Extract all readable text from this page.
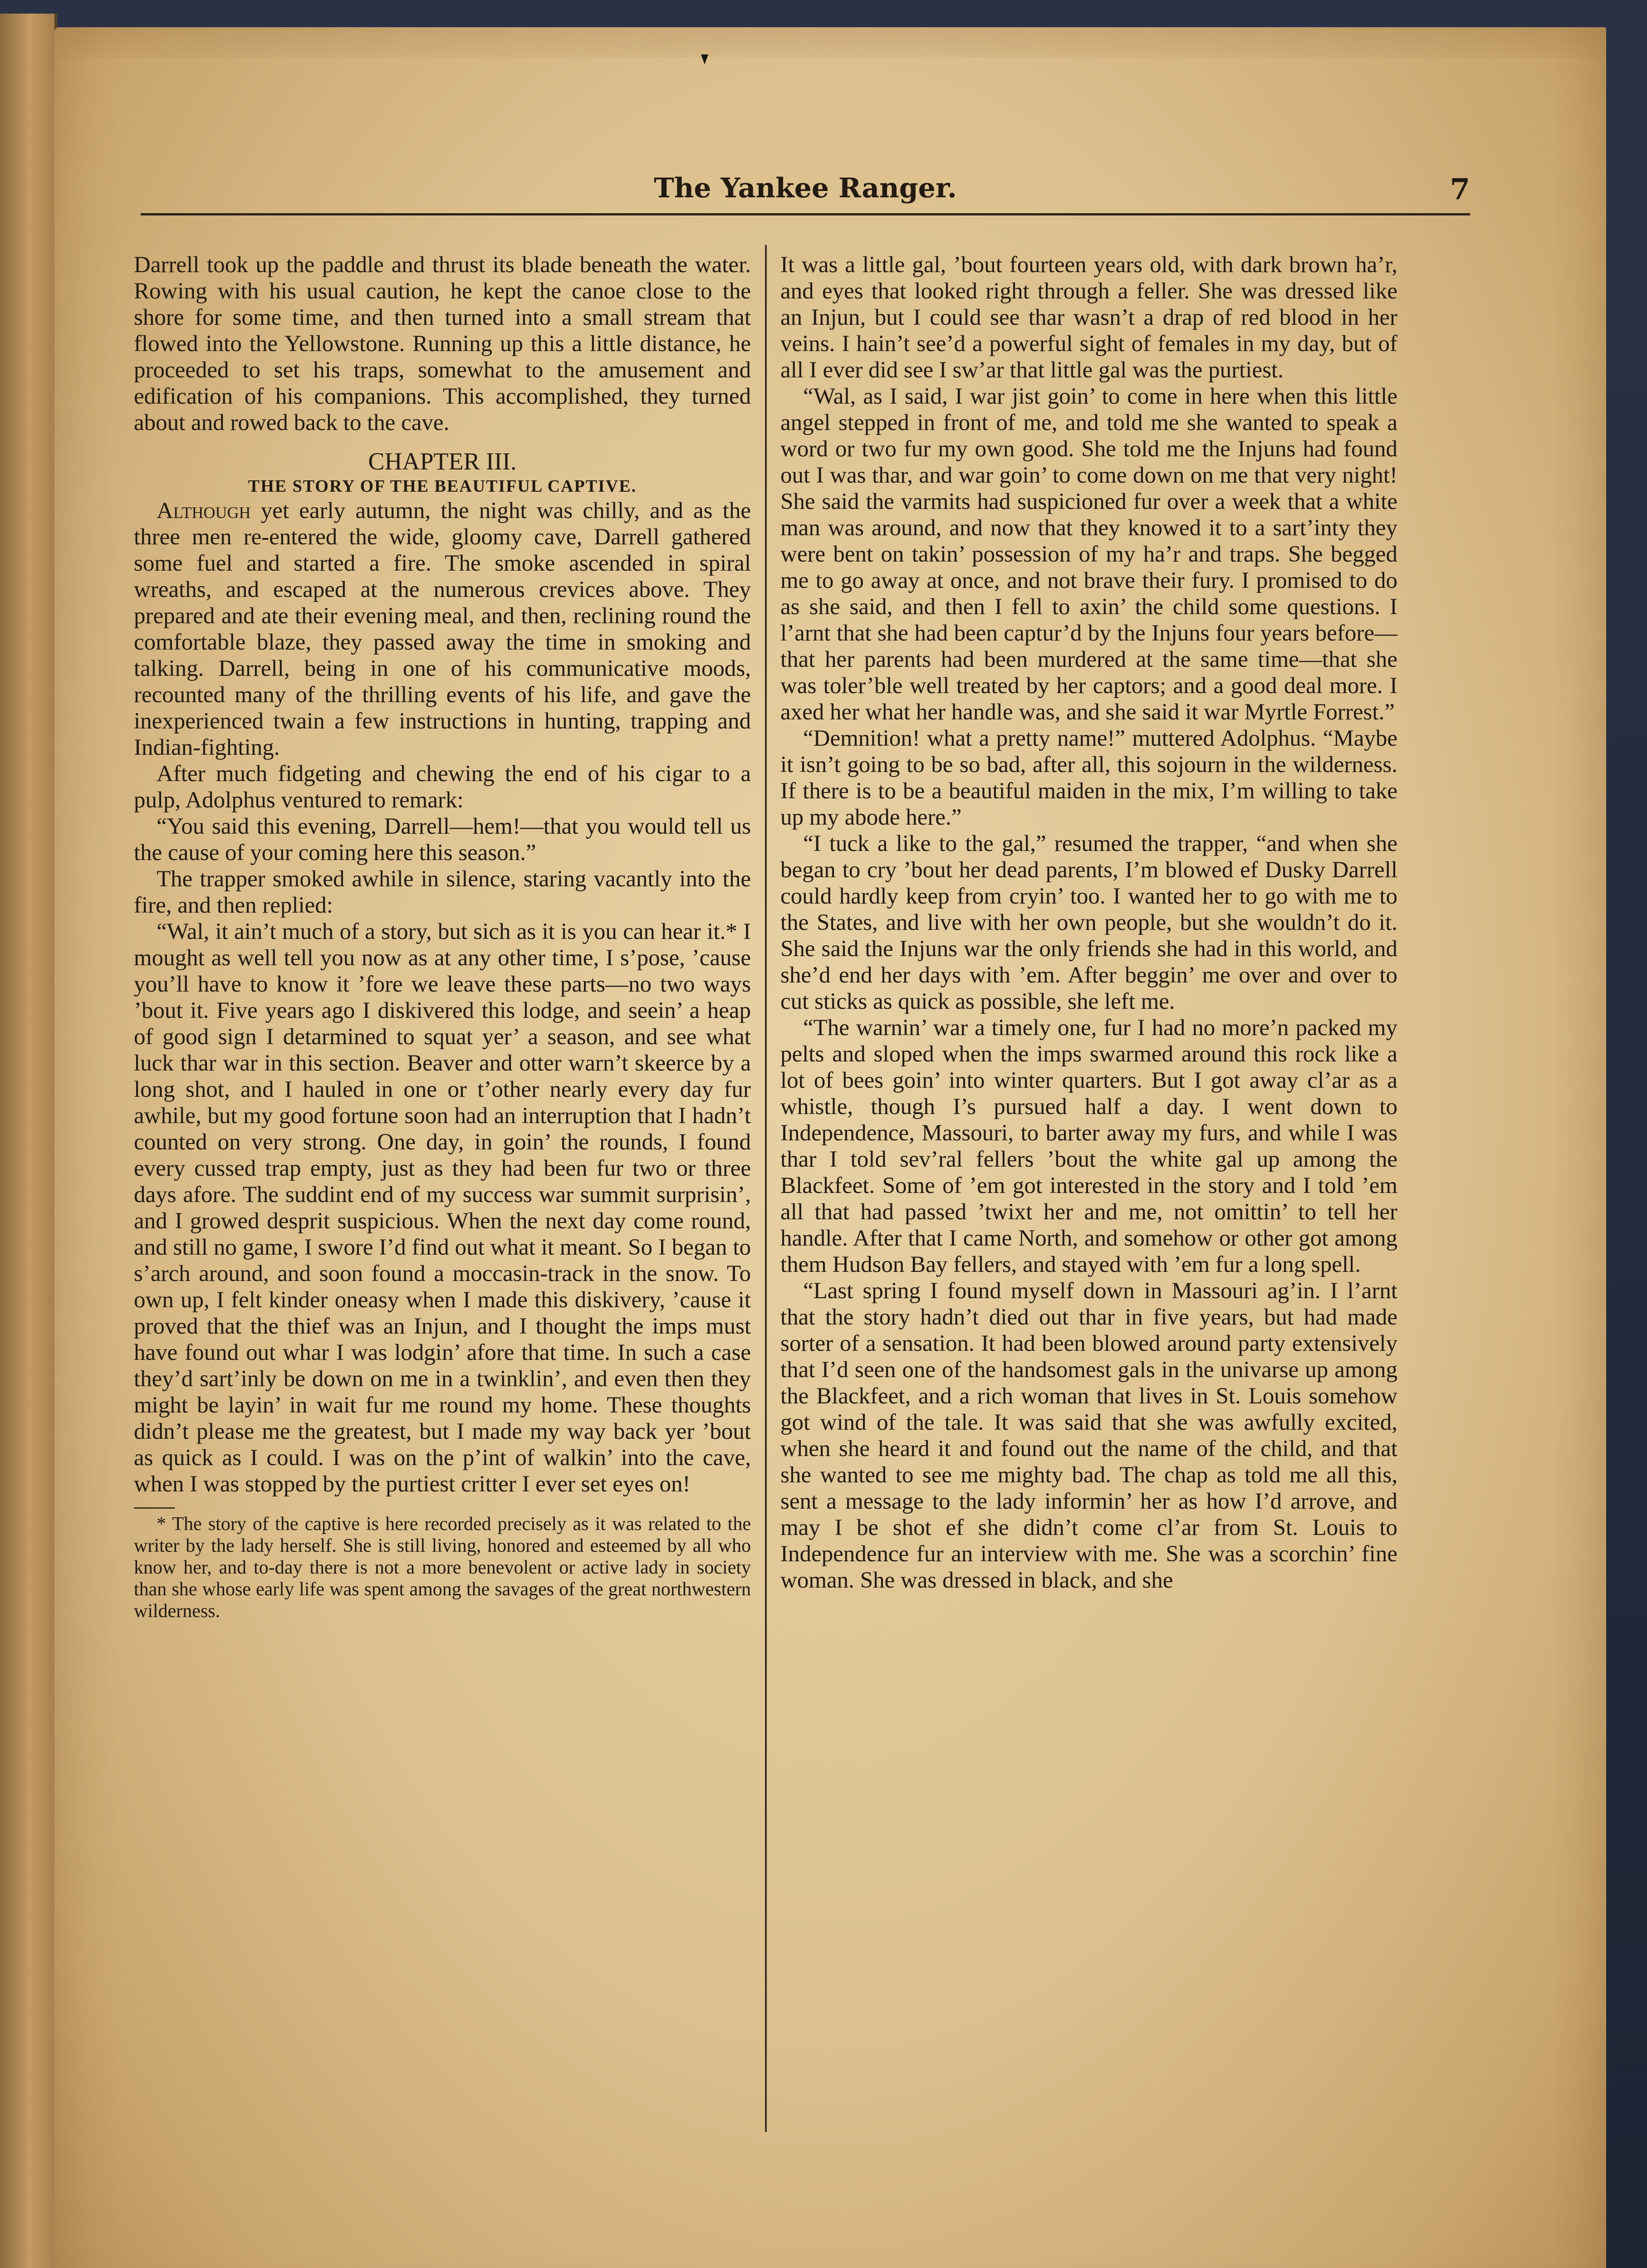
The Yankee Ranger.	7

Darrell took up the paddle and thrust its blade beneath the water. Rowing with his usual caution, he kept the canoe close to the shore for some time, and then turned into a small stream that flowed into the Yellowstone. Running up this a little distance, he proceeded to set his traps, somewhat to the amusement and edification of his companions. This accomplished, they turned about and rowed back to the cave.

CHAPTER III.
THE STORY OF THE BEAUTIFUL CAPTIVE.

Although yet early autumn, the night was chilly, and as the three men re-entered the wide, gloomy cave, Darrell gathered some fuel and started a fire. The smoke ascended in spiral wreaths, and escaped at the numerous crevices above. They prepared and ate their evening meal, and then, reclining round the comfortable blaze, they passed away the time in smoking and talking. Darrell, being in one of his communicative moods, recounted many of the thrilling events of his life, and gave the inexperienced twain a few instructions in hunting, trapping and Indian-fighting.

After much fidgeting and chewing the end of his cigar to a pulp, Adolphus ventured to remark:

“You said this evening, Darrell—hem!—that you would tell us the cause of your coming here this season.”

The trapper smoked awhile in silence, staring vacantly into the fire, and then replied:

“Wal, it ain’t much of a story, but sich as it is you can hear it.* I mought as well tell you now as at any other time, I s’pose, ’cause you’ll have to know it ’fore we leave these parts—no two ways ’bout it. Five years ago I diskivered this lodge, and seein’ a heap of good sign I detarmined to squat yer’ a season, and see what luck thar war in this section. Beaver and otter warn’t skeerce by a long shot, and I hauled in one or t’other nearly every day fur awhile, but my good fortune soon had an interruption that I hadn’t counted on very strong. One day, in goin’ the rounds, I found every cussed trap empty, just as they had been fur two or three days afore. The suddint end of my success war summit surprisin’, and I growed desprit suspicious. When the next day come round, and still no game, I swore I’d find out what it meant. So I began to s’arch around, and soon found a moccasin-track in the snow. To own up, I felt kinder oneasy when I made this diskivery, ’cause it proved that the thief was an Injun, and I thought the imps must have found out whar I was lodgin’ afore that time. In such a case they’d sart’inly be down on me in a twinklin’, and even then they might be layin’ in wait fur me round my home. These thoughts didn’t please me the greatest, but I made my way back yer ’bout as quick as I could. I was on the p’int of walkin’ into the cave, when I was stopped by the purtiest critter I ever set eyes on!

* The story of the captive is here recorded precisely as it was related to the writer by the lady herself. She is still living, honored and esteemed by all who know her, and to-day there is not a more benevolent or active lady in society than she whose early life was spent among the savages of the great northwestern wilderness.

It was a little gal, ’bout fourteen years old, with dark brown ha’r, and eyes that looked right through a feller. She was dressed like an Injun, but I could see thar wasn’t a drap of red blood in her veins. I hain’t see’d a powerful sight of females in my day, but of all I ever did see I sw’ar that little gal was the purtiest.

“Wal, as I said, I war jist goin’ to come in here when this little angel stepped in front of me, and told me she wanted to speak a word or two fur my own good. She told me the Injuns had found out I was thar, and war goin’ to come down on me that very night! She said the varmits had suspicioned fur over a week that a white man was around, and now that they knowed it to a sart’inty they were bent on takin’ possession of my ha’r and traps. She begged me to go away at once, and not brave their fury. I promised to do as she said, and then I fell to axin’ the child some questions. I l’arnt that she had been captur’d by the Injuns four years before—that her parents had been murdered at the same time—that she was toler’ble well treated by her captors; and a good deal more. I axed her what her handle was, and she said it war Myrtle Forrest.”

“Demnition! what a pretty name!” muttered Adolphus. “Maybe it isn’t going to be so bad, after all, this sojourn in the wilderness. If there is to be a beautiful maiden in the mix, I’m willing to take up my abode here.”

“I tuck a like to the gal,” resumed the trapper, “and when she began to cry ’bout her dead parents, I’m blowed ef Dusky Darrell could hardly keep from cryin’ too. I wanted her to go with me to the States, and live with her own people, but she wouldn’t do it. She said the Injuns war the only friends she had in this world, and she’d end her days with ’em. After beggin’ me over and over to cut sticks as quick as possible, she left me.

“The warnin’ war a timely one, fur I had no more’n packed my pelts and sloped when the imps swarmed around this rock like a lot of bees goin’ into winter quarters. But I got away cl’ar as a whistle, though I’s pursued half a day. I went down to Independence, Massouri, to barter away my furs, and while I was thar I told sev’ral fellers ’bout the white gal up among the Blackfeet. Some of ’em got interested in the story and I told ’em all that had passed ’twixt her and me, not omittin’ to tell her handle. After that I came North, and somehow or other got among them Hudson Bay fellers, and stayed with ’em fur a long spell.

“Last spring I found myself down in Massouri ag’in. I l’arnt that the story hadn’t died out thar in five years, but had made sorter of a sensation. It had been blowed around party extensively that I’d seen one of the handsomest gals in the univarse up among the Blackfeet, and a rich woman that lives in St. Louis somehow got wind of the tale. It was said that she was awfully excited, when she heard it and found out the name of the child, and that she wanted to see me mighty bad. The chap as told me all this, sent a message to the lady informin’ her as how I’d arrove, and may I be shot ef she didn’t come cl’ar from St. Louis to Independence fur an interview with me. She was a scorchin’ fine woman. She was dressed in black, and she
